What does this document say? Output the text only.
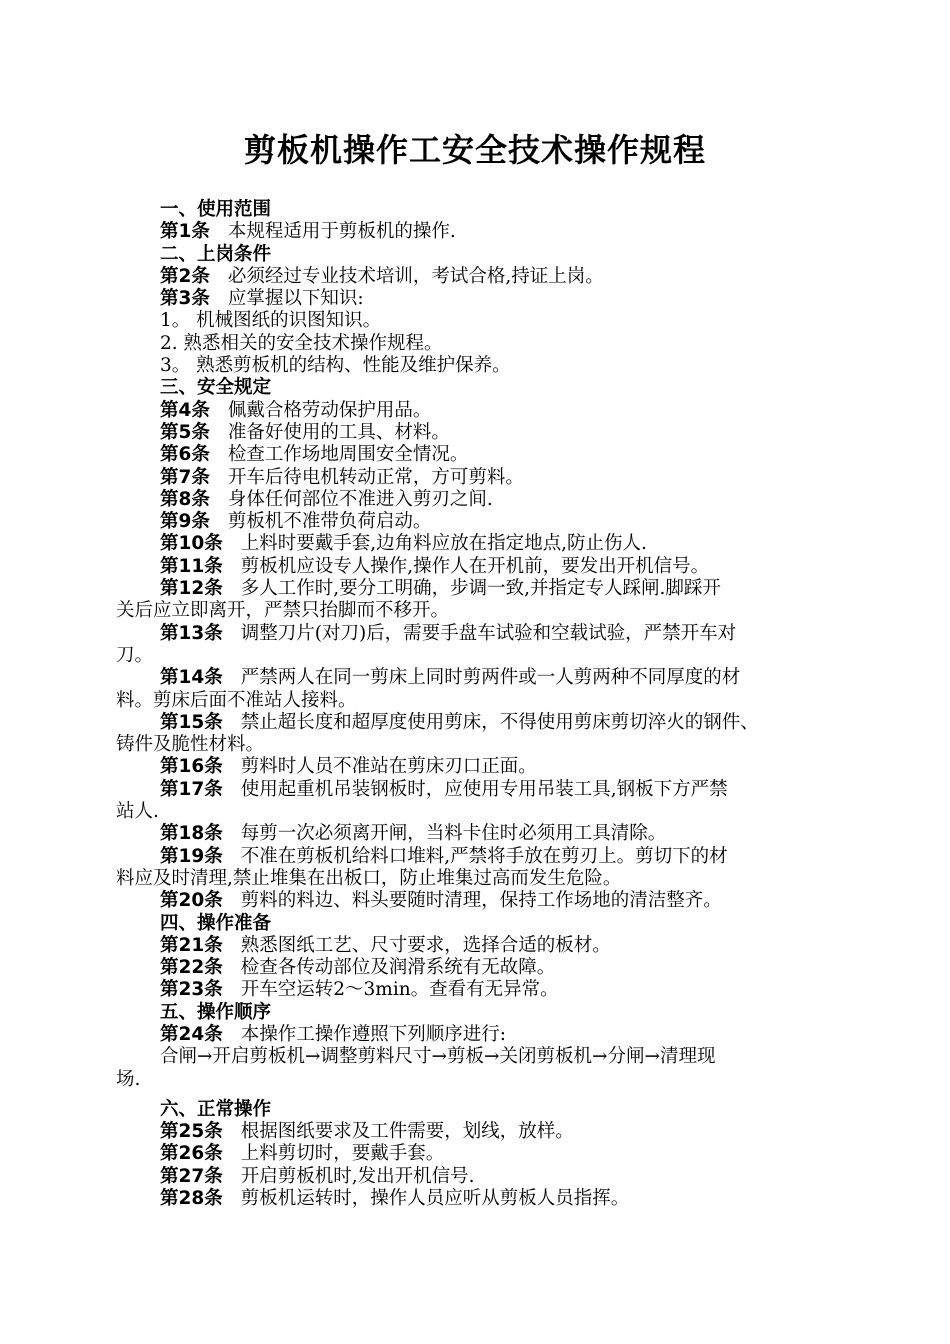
剪板机操作工安全技术操作规程
一、使用范围
第1条 本规程适用于剪板机的操作.
二、上岗条件
第2条 必须经过专业技术培训，考试合格,持证上岗。
第3条 应掌握以下知识:
1。 机械图纸的识图知识。
2. 熟悉相关的安全技术操作规程。
3。 熟悉剪板机的结构、性能及维护保养。
三、安全规定
第4条 佩戴合格劳动保护用品。
第5条 准备好使用的工具、材料。
第6条 检查工作场地周围安全情况。
第7条 开车后待电机转动正常，方可剪料。
第8条 身体任何部位不准进入剪刃之间.
第9条 剪板机不准带负荷启动。
第10条 上料时要戴手套,边角料应放在指定地点,防止伤人.
第11条 剪板机应设专人操作,操作人在开机前，要发出开机信号。
第12条 多人工作时,要分工明确，步调一致,并指定专人踩闸.脚踩开
关后应立即离开，严禁只抬脚而不移开。
第13条 调整刀片(对刀)后，需要手盘车试验和空载试验，严禁开车对
刀。
第14条 严禁两人在同一剪床上同时剪两件或一人剪两种不同厚度的材
料。剪床后面不准站人接料。
第15条 禁止超长度和超厚度使用剪床，不得使用剪床剪切淬火的钢件、
铸件及脆性材料。
第16条 剪料时人员不准站在剪床刃口正面。
第17条 使用起重机吊装钢板时，应使用专用吊装工具,钢板下方严禁
站人.
第18条 每剪一次必须离开闸，当料卡住时必须用工具清除。
第19条 不准在剪板机给料口堆料,严禁将手放在剪刃上。剪切下的材
料应及时清理,禁止堆集在出板口，防止堆集过高而发生危险。
第20条 剪料的料边、料头要随时清理，保持工作场地的清洁整齐。
四、操作准备
第21条 熟悉图纸工艺、尺寸要求，选择合适的板材。
第22条 检查各传动部位及润滑系统有无故障。
第23条 开车空运转2～3min。查看有无异常。
五、操作顺序
第24条 本操作工操作遵照下列顺序进行:
合闸→开启剪板机→调整剪料尺寸→剪板→关闭剪板机→分闸→清理现
场.
六、正常操作
第25条 根据图纸要求及工件需要，划线，放样。
第26条 上料剪切时，要戴手套。
第27条 开启剪板机时,发出开机信号.
第28条 剪板机运转时，操作人员应听从剪板人员指挥。
